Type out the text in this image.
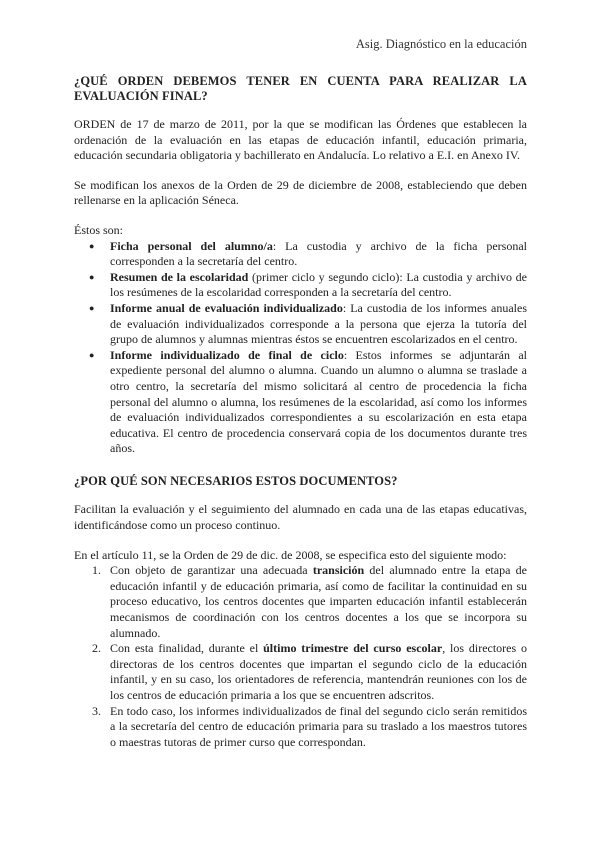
Asig. Diagnóstico en la educación
¿QUÉ ORDEN DEBEMOS TENER EN CUENTA PARA REALIZAR LA EVALUACIÓN FINAL?

ORDEN de 17 de marzo de 2011, por la que se modifican las Órdenes que establecen la ordenación de la evaluación en las etapas de educación infantil, educación primaria, educación secundaria obligatoria y bachillerato en Andalucía. Lo relativo a E.I. en Anexo IV.

Se modifican los anexos de la Orden de 29 de diciembre de 2008, estableciendo que deben rellenarse en la aplicación Séneca.

Éstos son:

● Ficha personal del alumno/a: La custodia y archivo de la ficha personal corresponden a la secretaría del centro.
● Resumen de la escolaridad (primer ciclo y segundo ciclo): La custodia y archivo de los resúmenes de la escolaridad corresponden a la secretaría del centro.
● Informe anual de evaluación individualizado: La custodia de los informes anuales de evaluación individualizados corresponde a la persona que ejerza la tutoría del grupo de alumnos y alumnas mientras éstos se encuentren escolarizados en el centro.
● Informe individualizado de final de ciclo: Estos informes se adjuntarán al expediente personal del alumno o alumna. Cuando un alumno o alumna se traslade a otro centro, la secretaría del mismo solicitará al centro de procedencia la ficha personal del alumno o alumna, los resúmenes de la escolaridad, así como los informes de evaluación individualizados correspondientes a su escolarización en esta etapa educativa. El centro de procedencia conservará copia de los documentos durante tres años.
¿POR QUÉ SON NECESARIOS ESTOS DOCUMENTOS?

Facilitan la evaluación y el seguimiento del alumnado en cada una de las etapas educativas, identificándose como un proceso continuo.

En el artículo 11, se la Orden de 29 de dic. de 2008, se especifica esto del siguiente modo:

1. Con objeto de garantizar una adecuada transición del alumnado entre la etapa de educación infantil y de educación primaria, así como de facilitar la continuidad en su proceso educativo, los centros docentes que imparten educación infantil establecerán mecanismos de coordinación con los centros docentes a los que se incorpora su alumnado.
2. Con esta finalidad, durante el último trimestre del curso escolar, los directores o directoras de los centros docentes que impartan el segundo ciclo de la educación infantil, y en su caso, los orientadores de referencia, mantendrán reuniones con los de los centros de educación primaria a los que se encuentren adscritos.
3. En todo caso, los informes individualizados de final del segundo ciclo serán remitidos a la secretaría del centro de educación primaria para su traslado a los maestros tutores o maestras tutoras de primer curso que correspondan.
